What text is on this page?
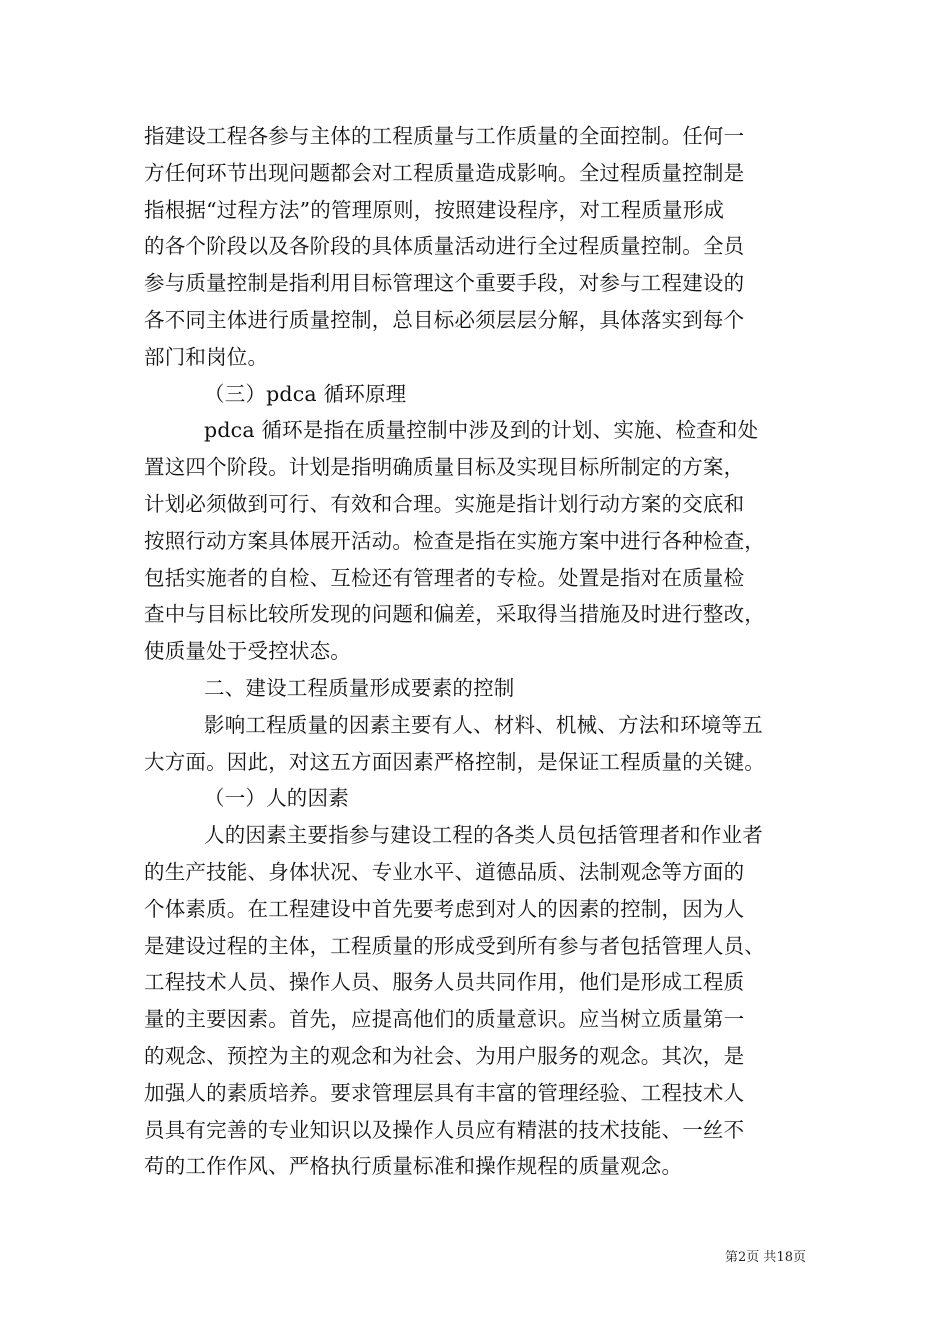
指建设工程各参与主体的工程质量与工作质量的全面控制。任何一
方任何环节出现问题都会对工程质量造成影响。全过程质量控制是
指根据“过程方法”的管理原则，按照建设程序，对工程质量形成
的各个阶段以及各阶段的具体质量活动进行全过程质量控制。全员
参与质量控制是指利用目标管理这个重要手段，对参与工程建设的
各不同主体进行质量控制，总目标必须层层分解，具体落实到每个
部门和岗位。
（三）pdca 循环原理
pdca 循环是指在质量控制中涉及到的计划、实施、检查和处
置这四个阶段。计划是指明确质量目标及实现目标所制定的方案，
计划必须做到可行、有效和合理。实施是指计划行动方案的交底和
按照行动方案具体展开活动。检查是指在实施方案中进行各种检查，
包括实施者的自检、互检还有管理者的专检。处置是指对在质量检
查中与目标比较所发现的问题和偏差，采取得当措施及时进行整改，
使质量处于受控状态。
二、建设工程质量形成要素的控制
影响工程质量的因素主要有人、材料、机械、方法和环境等五
大方面。因此，对这五方面因素严格控制，是保证工程质量的关键。
（一）人的因素
人的因素主要指参与建设工程的各类人员包括管理者和作业者
的生产技能、身体状况、专业水平、道德品质、法制观念等方面的
个体素质。在工程建设中首先要考虑到对人的因素的控制，因为人
是建设过程的主体，工程质量的形成受到所有参与者包括管理人员、
工程技术人员、操作人员、服务人员共同作用，他们是形成工程质
量的主要因素。首先，应提高他们的质量意识。应当树立质量第一
的观念、预控为主的观念和为社会、为用户服务的观念。其次，是
加强人的素质培养。要求管理层具有丰富的管理经验、工程技术人
员具有完善的专业知识以及操作人员应有精湛的技术技能、一丝不
苟的工作作风、严格执行质量标准和操作规程的质量观念。
第2页 共18页
